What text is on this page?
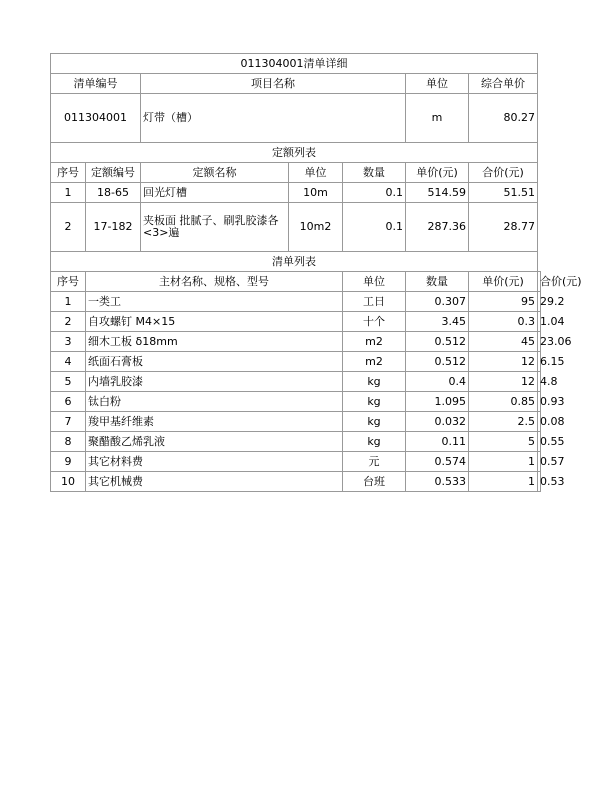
011304001清单详细							
清单编号		项目名称			单位	综合单价	
011304001		灯带（槽）			m	80.27	
定额列表							
序号	定额编号	定额名称	单位	数量	单价(元)	合价(元)	
1	18-65	回光灯槽	10m	0.1	514.59	51.51	
2	17-182	夹板面 批腻子、刷乳胶漆各<3>遍	10m2	0.1	287.36	28.77	
清单列表							
序号	主材名称、规格、型号			单位	数量	单价(元)	合价(元)
1	一类工			工日	0.307	95	29.2
2	自攻螺钉 M4×15			十个	3.45	0.3	1.04
3	细木工板 δ18mm			m2	0.512	45	23.06
4	纸面石膏板			m2	0.512	12	6.15
5	内墙乳胶漆			kg	0.4	12	4.8
6	钛白粉			kg	1.095	0.85	0.93
7	羧甲基纤维素			kg	0.032	2.5	0.08
8	聚醋酸乙烯乳液			kg	0.11	5	0.55
9	其它材料费			元	0.574	1	0.57
10	其它机械费			台班	0.533	1	0.53
